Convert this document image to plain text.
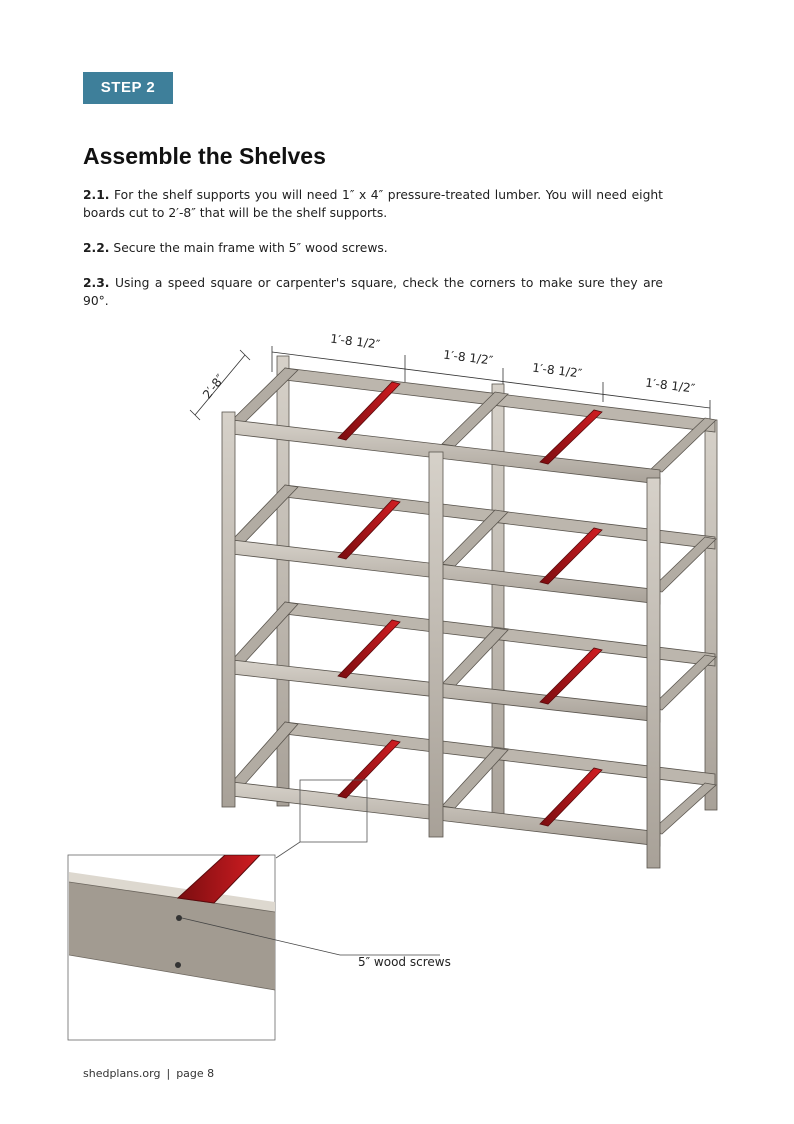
STEP 2
Assemble the Shelves

2.1. For the shelf supports you will need 1″ x 4″ pressure-treated lumber. You will need eight boards cut to 2′-8″ that will be the shelf supports.

2.2. Secure the main frame with 5″ wood screws.

2.3. Using a speed square or carpenter's square, check the corners to make sure they are 90°.

2′-8″
1′-8 1/2″
1′-8 1/2″
1′-8 1/2″
1′-8 1/2″
5″ wood screws
shedplans.org | page 8
